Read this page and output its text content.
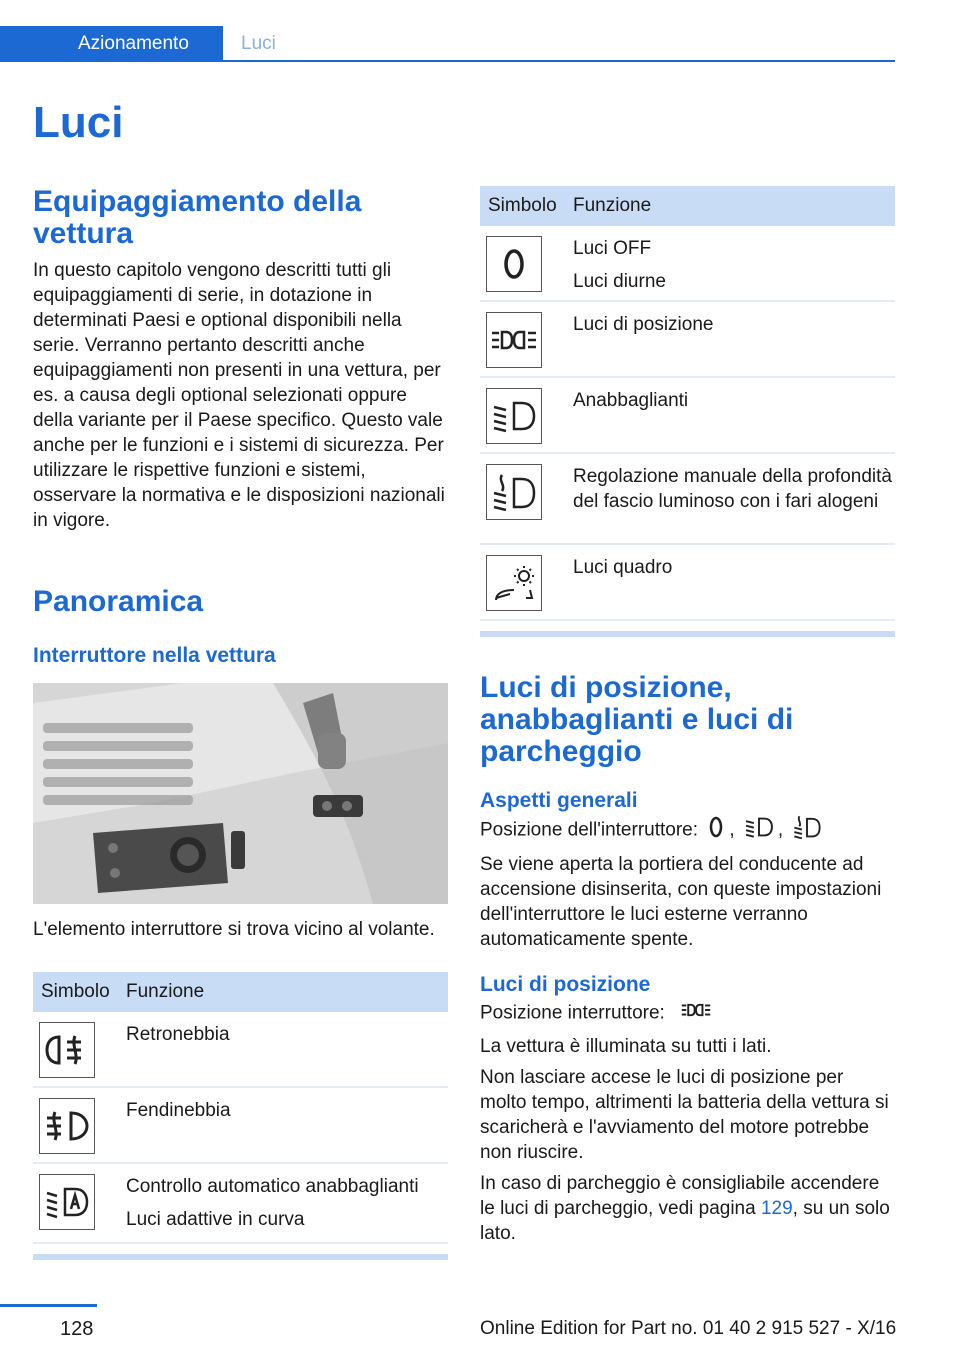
Azionamento	Luci
Luci
Equipaggiamento della vettura
In questo capitolo vengono descritti tutti gli equipaggiamenti di serie, in dotazione in determinati Paesi e optional disponibili nella serie. Verranno pertanto descritti anche equipaggiamenti non presenti in una vettura, per es. a causa degli optional selezionati oppure della variante per il Paese specifico. Questo vale anche per le funzioni e i sistemi di sicurezza. Per utilizzare le rispettive funzioni e sistemi, osservare la normativa e le disposizioni nazionali in vigore.
Panoramica
Interruttore nella vettura
L'elemento interruttore si trova vicino al volante.
Simbolo Funzione
Retronebbia
Fendinebbia
Controllo automatico anabbaglianti
Luci adattive in curva
Simbolo Funzione
Luci OFF
Luci diurne
Luci di posizione
Anabbaglianti
Regolazione manuale della profondità del fascio luminoso con i fari alogeni
Luci quadro
Luci di posizione, anabbaglianti e luci di parcheggio
Aspetti generali
Posizione dell'interruttore: , ,
Se viene aperta la portiera del conducente ad accensione disinserita, con queste impostazioni dell'interruttore le luci esterne verranno automaticamente spente.
Luci di posizione
Posizione interruttore:
La vettura è illuminata su tutti i lati.
Non lasciare accese le luci di posizione per molto tempo, altrimenti la batteria della vettura si scaricherà e l'avviamento del motore potrebbe non riuscire.
In caso di parcheggio è consigliabile accendere le luci di parcheggio, vedi pagina 129, su un solo lato.
128	Online Edition for Part no. 01 40 2 915 527 - X/16
